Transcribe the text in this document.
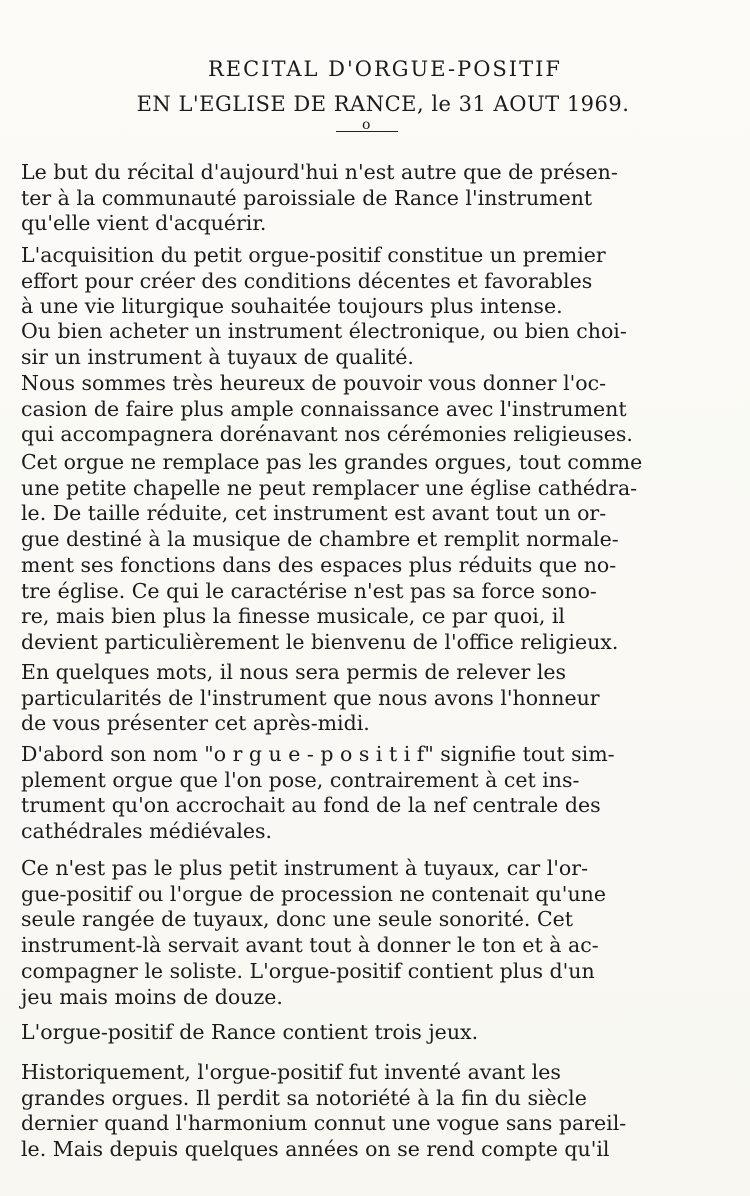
RECITAL D'ORGUE-POSITIF
EN L'EGLISE DE RANCE, le 31 AOUT 1969.
o

Le but du récital d'aujourd'hui n'est autre que de présen-
ter à la communauté paroissiale de Rance l'instrument
qu'elle vient d'acquérir.

L'acquisition du petit orgue-positif constitue un premier
effort pour créer des conditions décentes et favorables
à une vie liturgique souhaitée toujours plus intense.

Ou bien acheter un instrument électronique, ou bien choi-
sir un instrument à tuyaux de qualité.

Nous sommes très heureux de pouvoir vous donner l'oc-
casion de faire plus ample connaissance avec l'instrument
qui accompagnera dorénavant nos cérémonies religieuses.

Cet orgue ne remplace pas les grandes orgues, tout comme
une petite chapelle ne peut remplacer une église cathédra-
le. De taille réduite, cet instrument est avant tout un or-
gue destiné à la musique de chambre et remplit normale-
ment ses fonctions dans des espaces plus réduits que no-
tre église. Ce qui le caractérise n'est pas sa force sono-
re, mais bien plus la finesse musicale, ce par quoi, il
devient particulièrement le bienvenu de l'office religieux.

En quelques mots, il nous sera permis de relever les
particularités de l'instrument que nous avons l'honneur
de vous présenter cet après-midi.

D'abord son nom "o r g u e - p o s i t i f" signifie tout sim-
plement orgue que l'on pose, contrairement à cet ins-
trument qu'on accrochait au fond de la nef centrale des
cathédrales médiévales.

Ce n'est pas le plus petit instrument à tuyaux, car l'or-
gue-positif ou l'orgue de procession ne contenait qu'une
seule rangée de tuyaux, donc une seule sonorité. Cet
instrument-là servait avant tout à donner le ton et à ac-
compagner le soliste. L'orgue-positif contient plus d'un
jeu mais moins de douze.

L'orgue-positif de Rance contient trois jeux.

Historiquement, l'orgue-positif fut inventé avant les
grandes orgues. Il perdit sa notoriété à la fin du siècle
dernier quand l'harmonium connut une vogue sans pareil-
le. Mais depuis quelques années on se rend compte qu'il
